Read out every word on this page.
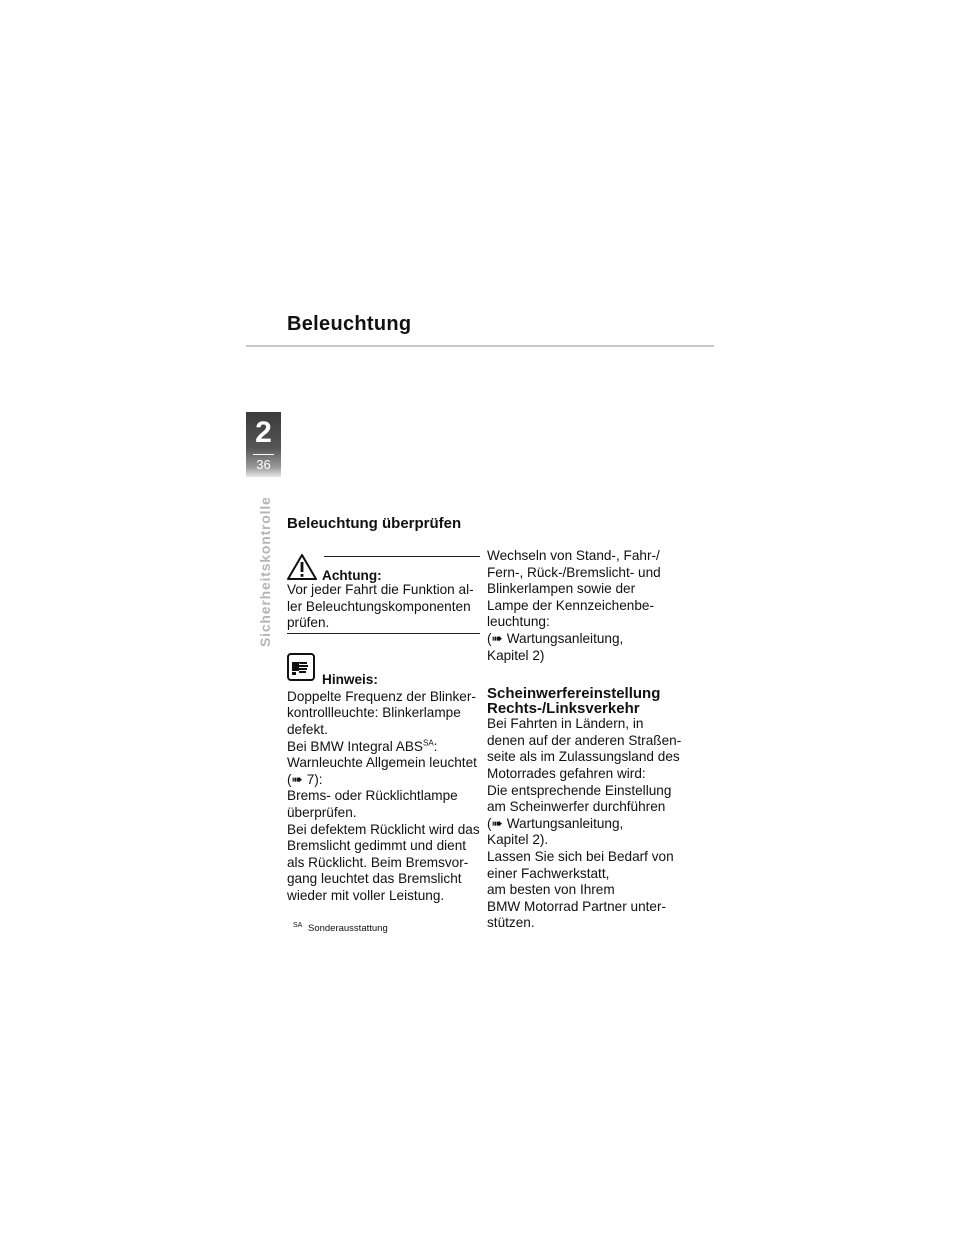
Beleuchtung
2
36
Sicherheitskontrolle Beleuchtung überprüfen
Achtung:
Vor jeder Fahrt die Funktion al-
ler Beleuchtungskomponenten
prüfen.
Hinweis:
Doppelte Frequenz der Blinker-
kontrollleuchte: Blinkerlampe
defekt.
Bei BMW Integral $ABS^{SA}$:
Warnleuchte Allgemein leuchtet
(➠ 7):
Brems- oder Rücklichtlampe
überprüfen.
Bei defektem Rücklicht wird das
Bremslicht gedimmt und dient
als Rücklicht. Beim Bremsvor-
gang leuchtet das Bremslicht
wieder mit voller Leistung.
$^{SA}$ Sonderausstattung
Wechseln von Stand-, Fahr-/
Fern-, Rück-/Bremslicht- und
Blinkerlampen sowie der
Lampe der Kennzeichenbe-
leuchtung:
(➠ Wartungsanleitung,
Kapitel 2)
Scheinwerfereinstellung
Rechts-/Linksverkehr
Bei Fahrten in Ländern, in
denen auf der anderen Straßen-
seite als im Zulassungsland des
Motorrades gefahren wird:
Die entsprechende Einstellung
am Scheinwerfer durchführen
(➠ Wartungsanleitung,
Kapitel 2).
Lassen Sie sich bei Bedarf von
einer Fachwerkstatt,
am besten von Ihrem
BMW Motorrad Partner unter-
stützen.
